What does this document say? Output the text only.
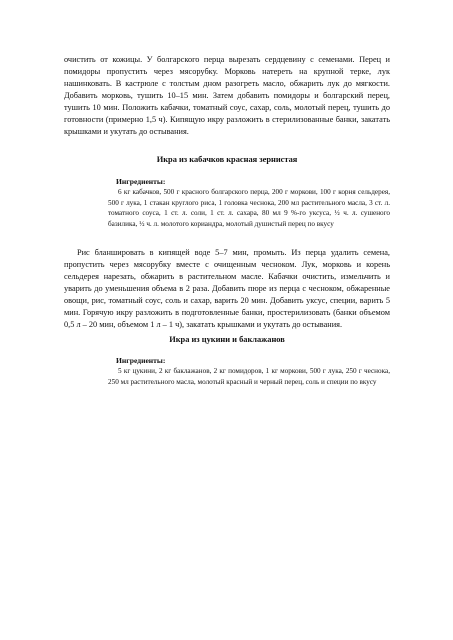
очистить от кожицы. У болгарского перца вырезать сердцевину с семенами. Перец и помидоры пропустить через мясорубку. Морковь натереть на крупной терке, лук нашинковать. В кастрюле с толстым дном разогреть масло, обжарить лук до мягкости. Добавить морковь, тушить 10–15 мин. Затем добавить помидоры и болгарский перец, тушить 10 мин. Положить кабачки, томатный соус, сахар, соль, молотый перец, тушить до готовности (примерно 1,5 ч). Кипящую икру разложить в стерилизованные банки, закатать крышками и укутать до остывания.

Икра из кабачков красная зернистая

Ингредиенты:

6 кг кабачков, 500 г красного болгарского перца, 200 г моркови, 100 г корня сельдерея, 500 г лука, 1 стакан круглого риса, 1 головка чеснока, 200 мл растительного масла, 3 ст. л. томатного соуса, 1 ст. л. соли, 1 ст. л. сахара, 80 мл 9 %-го уксуса, ½ ч. л. сушеного базилика, ½ ч. л. молотого кориандра, молотый душистый перец по вкусу

Рис бланшировать в кипящей воде 5–7 мин, промыть. Из перца удалить семена, пропустить через мясорубку вместе с очищенным чесноком. Лук, морковь и корень сельдерея нарезать, обжарить в растительном масле. Кабачки очистить, измельчить и уварить до уменьшения объема в 2 раза. Добавить пюре из перца с чесноком, обжаренные овощи, рис, томатный соус, соль и сахар, варить 20 мин. Добавить уксус, специи, варить 5 мин. Горячую икру разложить в подготовленные банки, простерилизовать (банки объемом 0,5 л – 20 мин, объемом 1 л – 1 ч), закатать крышками и укутать до остывания.

Икра из цукини и баклажанов

Ингредиенты:

5 кг цукини, 2 кг баклажанов, 2 кг помидоров, 1 кг моркови, 500 г лука, 250 г чеснока, 250 мл растительного масла, молотый красный и черный перец, соль и специи по вкусу
